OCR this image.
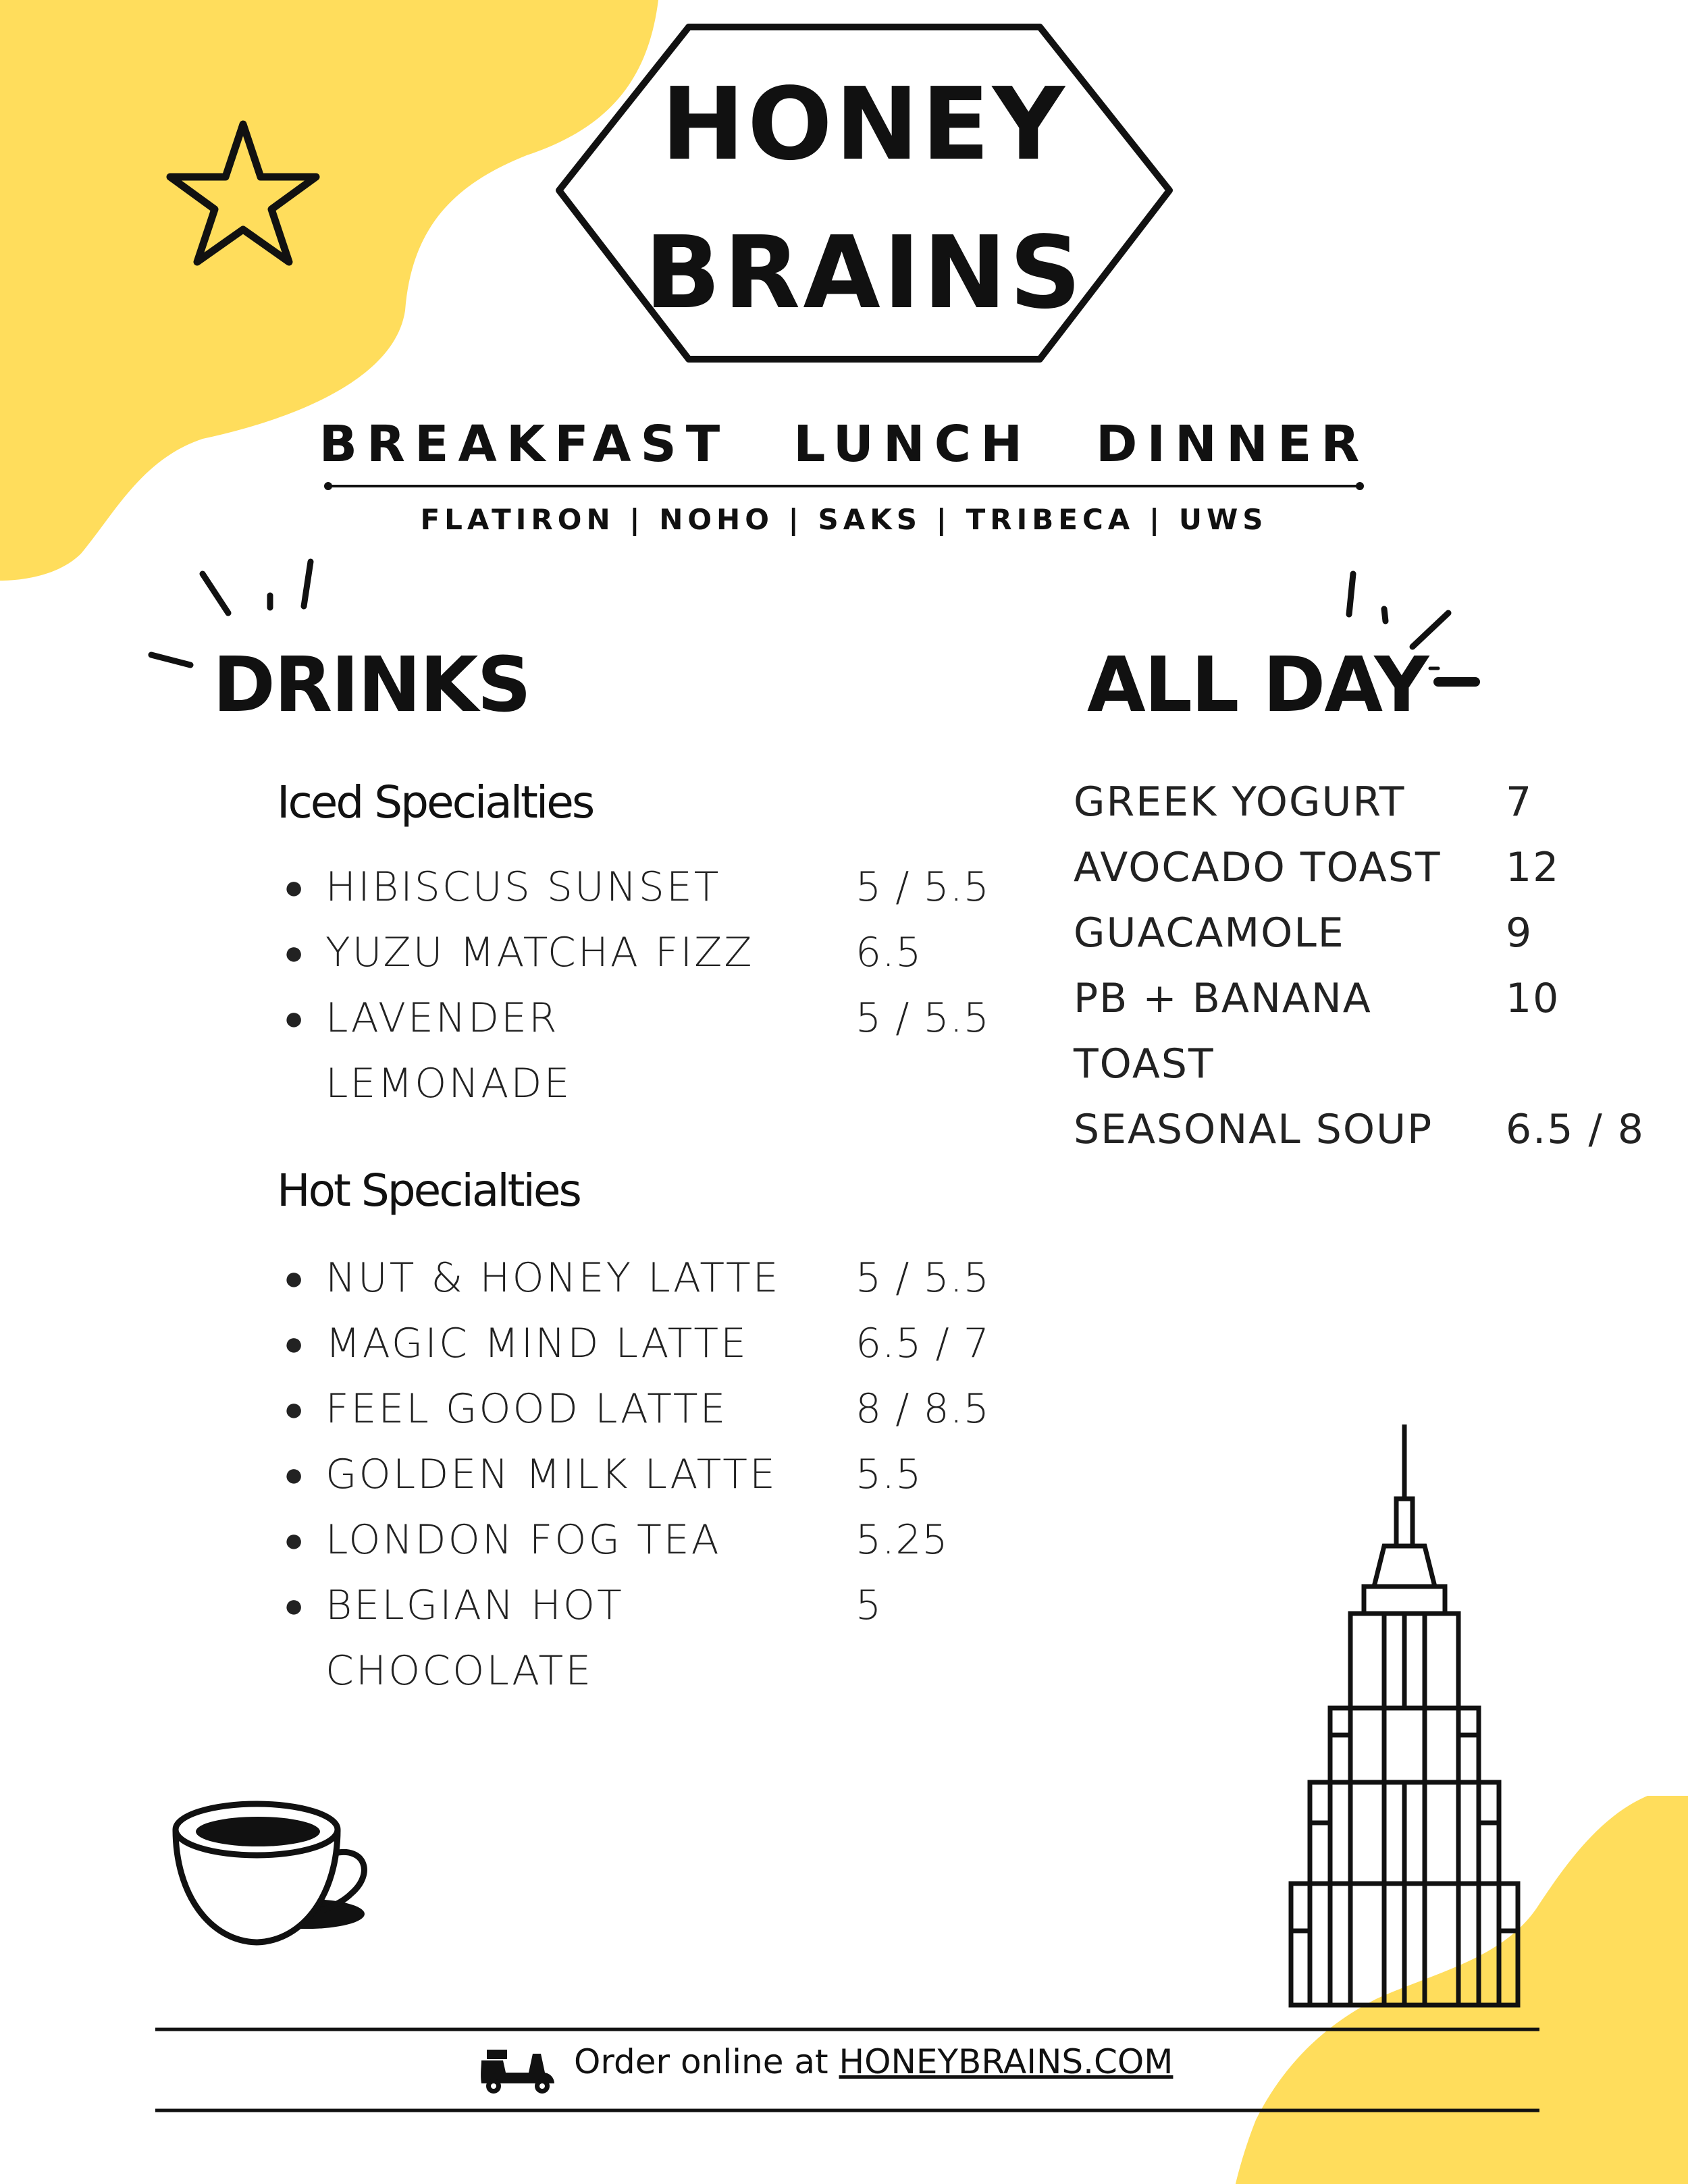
HONEY
BRAINS
BREAKFAST LUNCH DINNER
FLATIRON | NOHO | SAKS | TRIBECA | UWS
DRINKS	ALL DAY
Iced Specialties
● HIBISCUS SUNSET	5 / 5.5
● YUZU MATCHA FIZZ	6.5
● LAVENDER	5 / 5.5
LEMONADE
Hot Specialties
● NUT & HONEY LATTE	5 / 5.5
● MAGIC MIND LATTE	6.5 / 7
● FEEL GOOD LATTE	8 / 8.5
● GOLDEN MILK LATTE	5.5
● LONDON FOG TEA	5.25
● BELGIAN HOT	5
CHOCOLATE
GREEK YOGURT	7
AVOCADO TOAST	12
GUACAMOLE	9
PB + BANANA	10
TOAST
SEASONAL SOUP	6.5 / 8
Order online at HONEYBRAINS.COM
